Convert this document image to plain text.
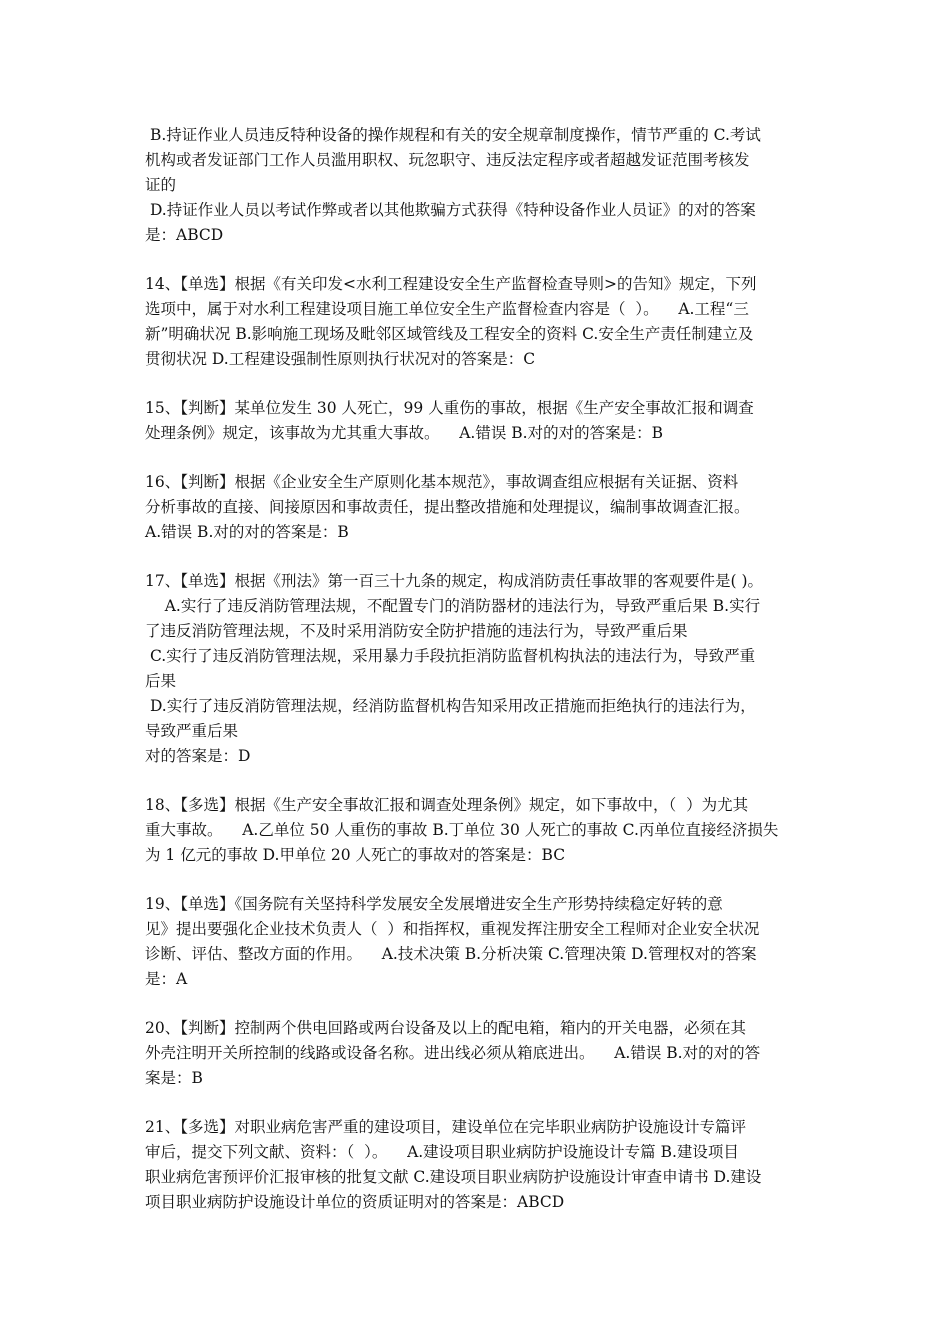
B.持证作业人员违反特种设备的操作规程和有关的安全规章制度操作，情节严重的 C.考试
机构或者发证部门工作人员滥用职权、玩忽职守、违反法定程序或者超越发证范围考核发
证的
D.持证作业人员以考试作弊或者以其他欺骗方式获得《特种设备作业人员证》的对的答案
是：ABCD
14、【单选】根据《有关印发<水利工程建设安全生产监督检查导则>的告知》规定，下列
选项中，属于对水利工程建设项目施工单位安全生产监督检查内容是（  ）。    A.工程“三
新”明确状况 B.影响施工现场及毗邻区域管线及工程安全的资料 C.安全生产责任制建立及
贯彻状况 D.工程建设强制性原则执行状况对的答案是：C
15、【判断】某单位发生 30 人死亡，99 人重伤的事故，根据《生产安全事故汇报和调查
处理条例》规定，该事故为尤其重大事故。    A.错误 B.对的对的答案是：B
16、【判断】根据《企业安全生产原则化基本规范》，事故调查组应根据有关证据、资料
分析事故的直接、间接原因和事故责任，提出整改措施和处理提议，编制事故调查汇报。
A.错误 B.对的对的答案是：B
17、【单选】根据《刑法》第一百三十九条的规定，构成消防责任事故罪的客观要件是( )。
A.实行了违反消防管理法规，不配置专门的消防器材的违法行为，导致严重后果 B.实行
了违反消防管理法规，不及时采用消防安全防护措施的违法行为，导致严重后果
C.实行了违反消防管理法规，采用暴力手段抗拒消防监督机构执法的违法行为，导致严重
后果
D.实行了违反消防管理法规，经消防监督机构告知采用改正措施而拒绝执行的违法行为，
导致严重后果
对的答案是：D
18、【多选】根据《生产安全事故汇报和调查处理条例》规定，如下事故中，（  ）为尤其
重大事故。    A.乙单位 50 人重伤的事故 B.丁单位 30 人死亡的事故 C.丙单位直接经济损失
为 1 亿元的事故 D.甲单位 20 人死亡的事故对的答案是：BC
19、【单选】《国务院有关坚持科学发展安全发展增进安全生产形势持续稳定好转的意
见》提出要强化企业技术负责人（  ）和指挥权，重视发挥注册安全工程师对企业安全状况
诊断、评估、整改方面的作用。    A.技术决策 B.分析决策 C.管理决策 D.管理权对的答案
是：A
20、【判断】控制两个供电回路或两台设备及以上的配电箱，箱内的开关电器，必须在其
外壳注明开关所控制的线路或设备名称。进出线必须从箱底进出。    A.错误 B.对的对的答
案是：B
21、【多选】对职业病危害严重的建设项目，建设单位在完毕职业病防护设施设计专篇评
审后，提交下列文献、资料：（  ）。    A.建设项目职业病防护设施设计专篇 B.建设项目
职业病危害预评价汇报审核的批复文献 C.建设项目职业病防护设施设计审查申请书 D.建设
项目职业病防护设施设计单位的资质证明对的答案是：ABCD
